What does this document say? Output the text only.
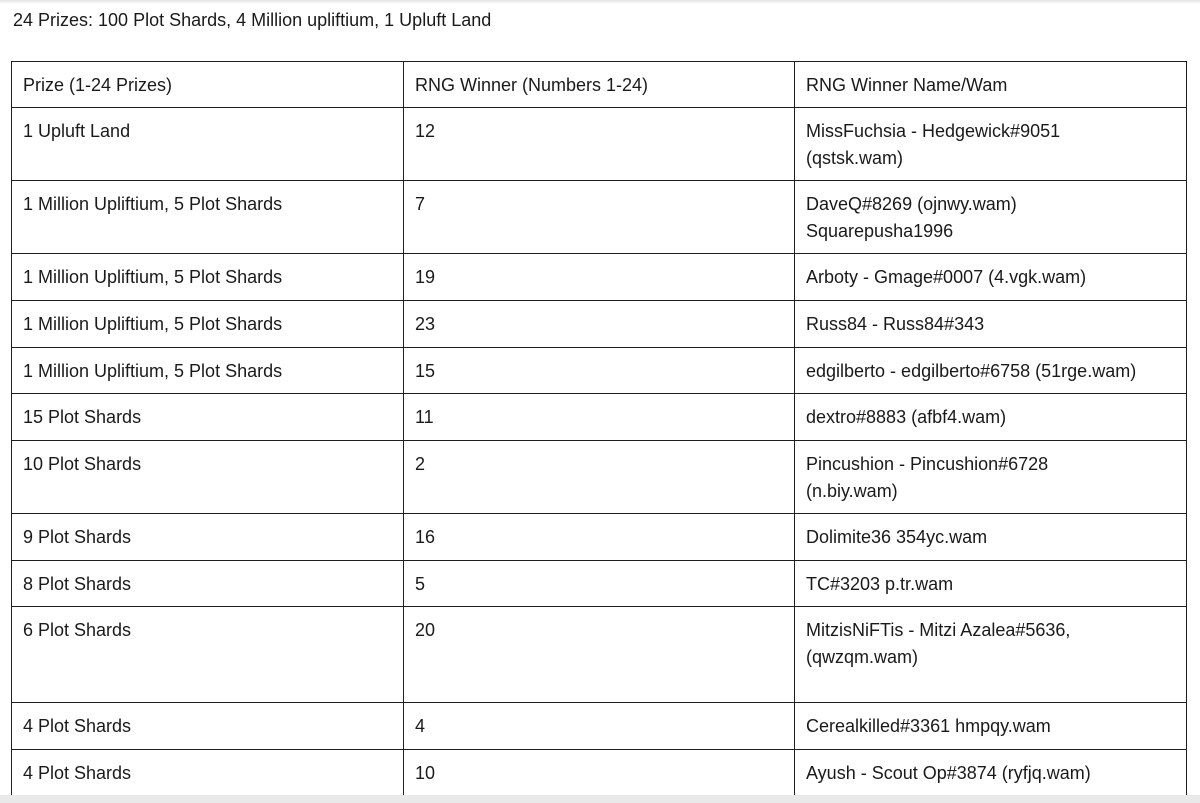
24 Prizes: 100 Plot Shards, 4 Million upliftium, 1 Upluft Land
Prize (1-24 Prizes)	RNG Winner (Numbers 1-24)	RNG Winner Name/Wam
1 Upluft Land	12	MissFuchsia - Hedgewick#9051
(qstsk.wam)

1 Million Upliftium, 5 Plot Shards	7	DaveQ#8269 (ojnwy.wam)
Squarepusha1996

1 Million Upliftium, 5 Plot Shards	19	Arboty - Gmage#0007 (4.vgk.wam)

1 Million Upliftium, 5 Plot Shards	23	Russ84 - Russ84#343

1 Million Upliftium, 5 Plot Shards	15	edgilberto - edgilberto#6758 (51rge.wam)

15 Plot Shards	11	dextro#8883 (afbf4.wam)

10 Plot Shards	2	Pincushion - Pincushion#6728
(n.biy.wam)

9 Plot Shards	16	Dolimite36 354yc.wam

8 Plot Shards	5	TC#3203 p.tr.wam

6 Plot Shards	20	MitzisNiFTis - Mitzi Azalea#5636,
(qwzqm.wam)

4 Plot Shards	4	Cerealkilled#3361 hmpqy.wam

4 Plot Shards	10	Ayush - Scout Op#3874 (ryfjq.wam)
